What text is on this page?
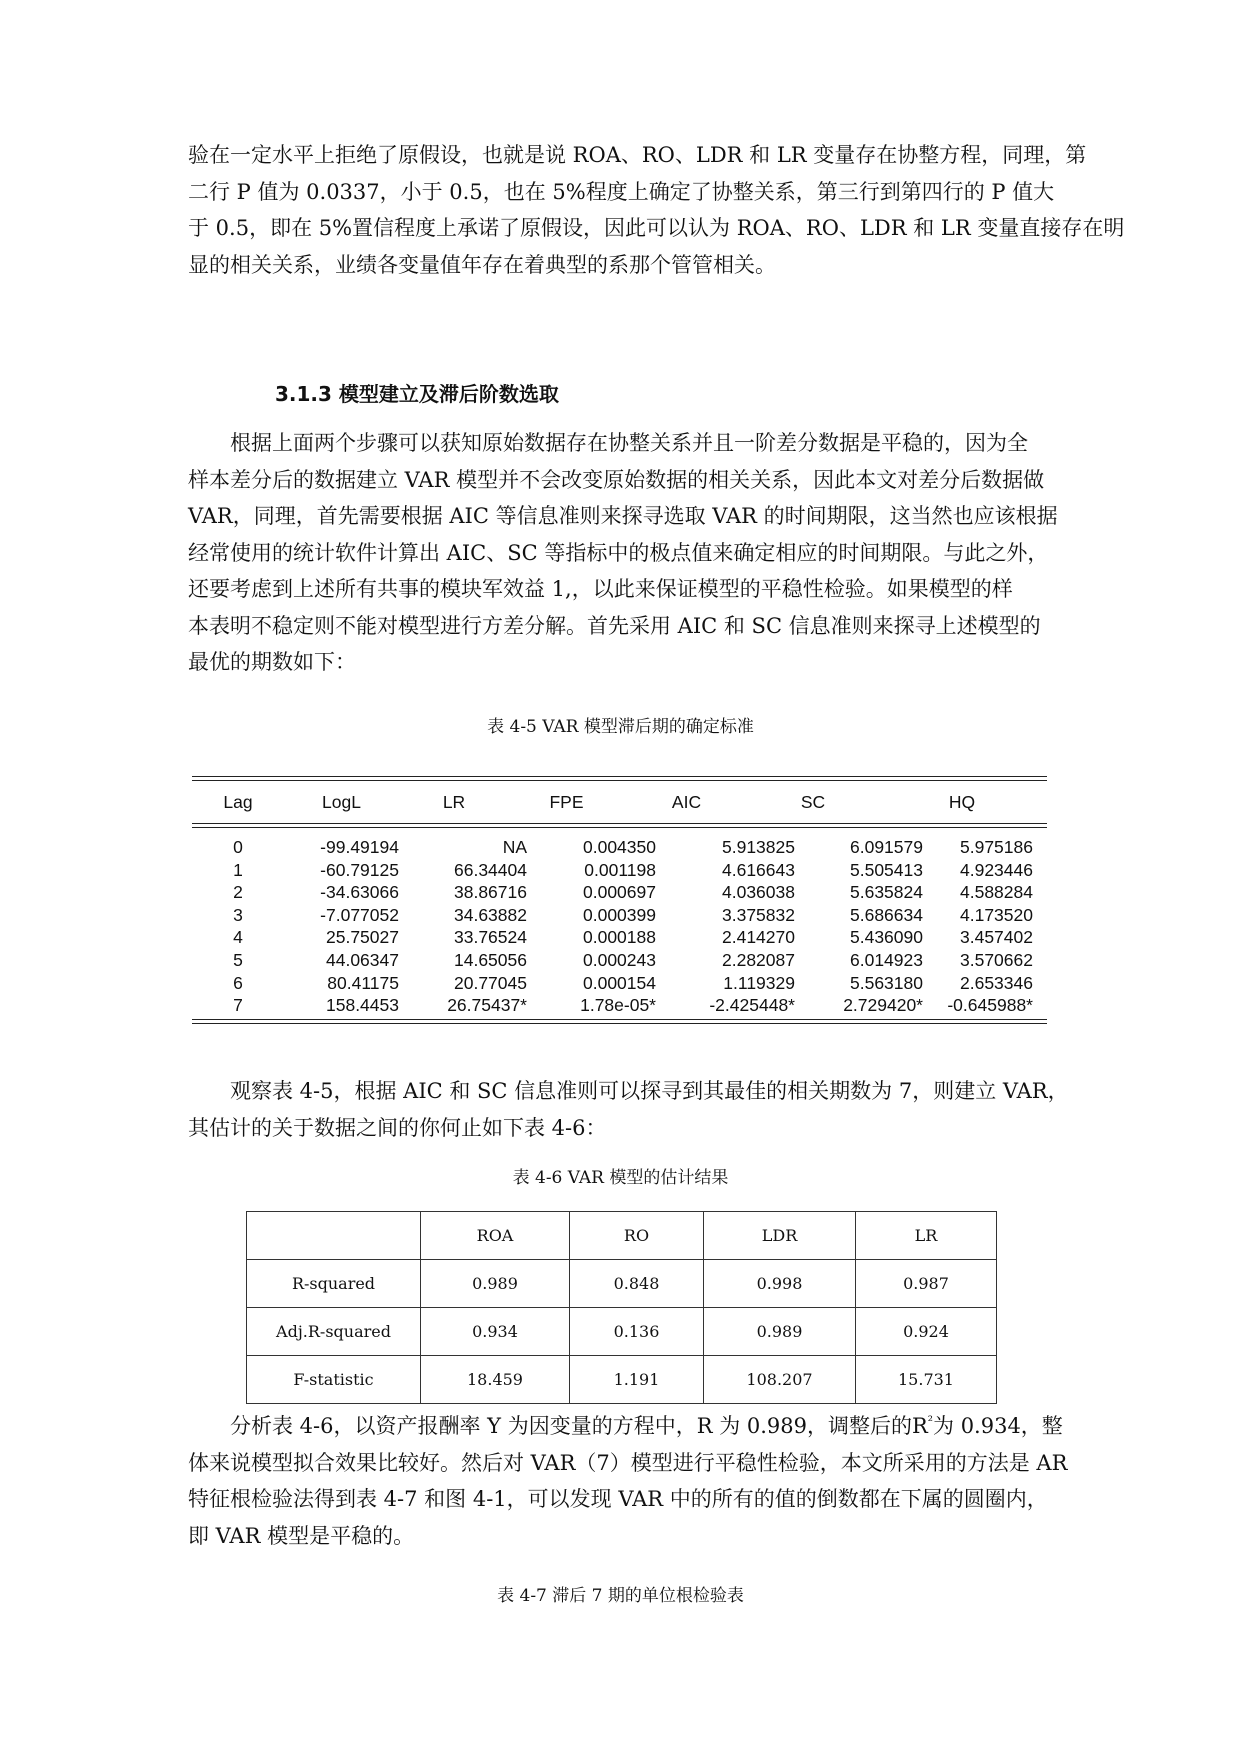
验在一定水平上拒绝了原假设，也就是说 ROA、RO、LDR 和 LR 变量存在协整方程，同理，第
二行 P 值为 0.0337，小于 0.5，也在 5%程度上确定了协整关系，第三行到第四行的 P 值大
于 0.5，即在 5%置信程度上承诺了原假设，因此可以认为 ROA、RO、LDR 和 LR 变量直接存在明
显的相关关系，业绩各变量值年存在着典型的系那个管管相关。
3.1.3 模型建立及滞后阶数选取
根据上面两个步骤可以获知原始数据存在协整关系并且一阶差分数据是平稳的，因为全
样本差分后的数据建立 VAR 模型并不会改变原始数据的相关关系，因此本文对差分后数据做
VAR，同理，首先需要根据 AIC 等信息准则来探寻选取 VAR 的时间期限，这当然也应该根据
经常使用的统计软件计算出 AIC、SC 等指标中的极点值来确定相应的时间期限。与此之外，
还要考虑到上述所有共事的模块军效益 1,，以此来保证模型的平稳性检验。如果模型的样
本表明不稳定则不能对模型进行方差分解。首先采用 AIC 和 SC 信息准则来探寻上述模型的
最优的期数如下：
表 4-5 VAR 模型滞后期的确定标准
Lag	LogL	LR	FPE	AIC	SC	HQ
0	-99.49194	NA	0.004350	5.913825	6.091579	5.975186
1	-60.79125	66.34404	0.001198	4.616643	5.505413	4.923446
2	-34.63066	38.86716	0.000697	4.036038	5.635824	4.588284
3	-7.077052	34.63882	0.000399	3.375832	5.686634	4.173520
4	25.75027	33.76524	0.000188	2.414270	5.436090	3.457402
5	44.06347	14.65056	0.000243	2.282087	6.014923	3.570662
6	80.41175	20.77045	0.000154	1.119329	5.563180	2.653346
7	158.4453	26.75437*	1.78e-05*	-2.425448*	2.729420*	-0.645988*
观察表 4-5，根据 AIC 和 SC 信息准则可以探寻到其最佳的相关期数为 7，则建立 VAR，
其估计的关于数据之间的你何止如下表 4-6：
表 4-6 VAR 模型的估计结果
	ROA	RO	LDR	LR
R-squared	0.989	0.848	0.998	0.987
Adj.R-squared	0.934	0.136	0.989	0.924
F-statistic	18.459	1.191	108.207	15.731
分析表 4-6，以资产报酬率 Y 为因变量的方程中，R 为 0.989，调整后的$R^{^2}$为 0.934，整
体来说模型拟合效果比较好。然后对 VAR（7）模型进行平稳性检验，本文所采用的方法是 AR
特征根检验法得到表 4-7 和图 4-1，可以发现 VAR 中的所有的值的倒数都在下属的圆圈内，
即 VAR 模型是平稳的。
表 4-7 滞后 7 期的单位根检验表
